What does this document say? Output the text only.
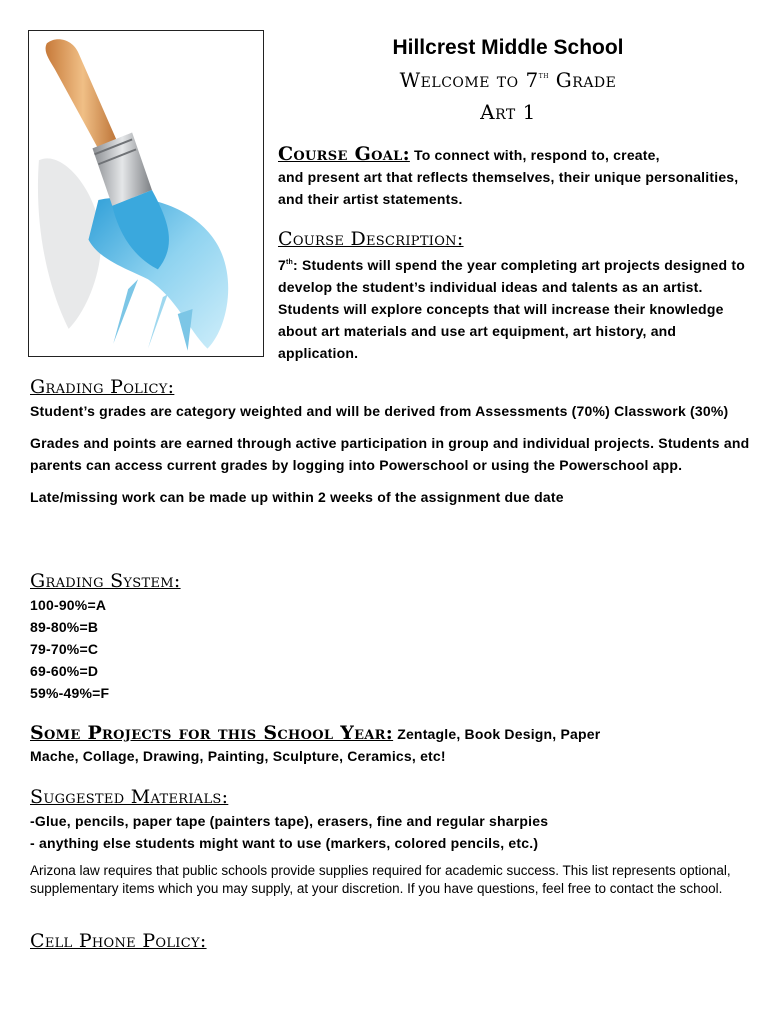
Hillcrest Middle School
Welcome to 7th Grade
Art 1

Course Goal: To connect with, respond to, create,

and present art that reflects themselves, their unique personalities, and their artist statements.

Course Description:

7th: Students will spend the year completing art projects designed to develop the student’s individual ideas and talents as an artist. Students will explore concepts that will increase their knowledge about art materials and use art equipment, art history, and application.

Grading Policy:

Student’s grades are category weighted and will be derived from Assessments (70%) Classwork (30%)

Grades and points are earned through active participation in group and individual projects. Students and parents can access current grades by logging into Powerschool or using the Powerschool app.

Late/missing work can be made up within 2 weeks of the assignment due date

Grading System:

100-90%=A

89-80%=B

79-70%=C

69-60%=D

59%-49%=F

Some Projects for this School Year: Zentagle, Book Design, Paper

Mache, Collage, Drawing, Painting, Sculpture, Ceramics, etc!

Suggested Materials:

-Glue, pencils, paper tape (painters tape), erasers, fine and regular sharpies

- anything else students might want to use (markers, colored pencils, etc.)

Arizona law requires that public schools provide supplies required for academic success. This list represents optional, supplementary items which you may supply, at your discretion. If you have questions, feel free to contact the school.

Cell Phone Policy:
